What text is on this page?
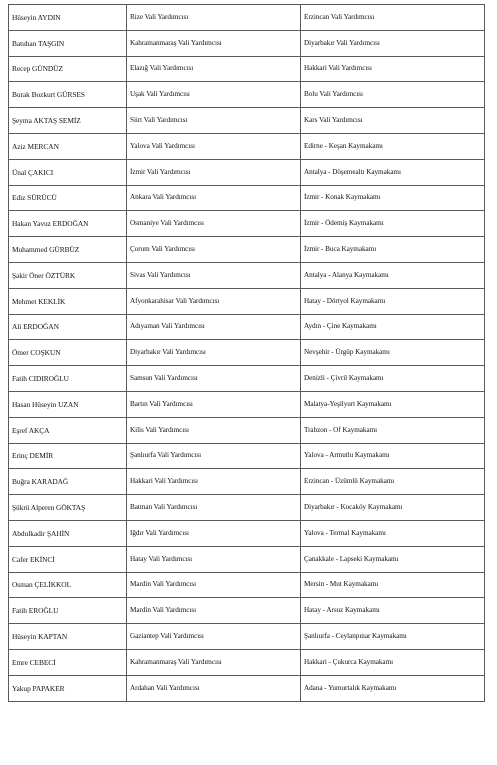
Hüseyin AYDIN	Rize Vali Yardımcısı	Erzincan Vali Yardımcısı
Batuhan TAŞGIN	Kahramanmaraş Vali Yardımcısı	Diyarbakır Vali Yardımcısı
Recep GÜNDÜZ	Elazığ Vali Yardımcısı	Hakkari Vali Yardımcısı
Burak Bozkurt GÜRSES	Uşak Vali Yardımcısı	Bolu Vali Yardımcısı
Şeyma AKTAŞ SEMİZ	Siirt Vali Yardımcısı	Kars Vali Yardımcısı
Aziz MERCAN	Yalova Vali Yardımcısı	Edirne - Keşan Kaymakamı
Ünal ÇAKICI	İzmir Vali Yardımcısı	Antalya - Döşemealtı Kaymakamı
Ediz SÜRÜCÜ	Ankara Vali Yardımcısı	İzmir - Konak Kaymakamı
Hakan Yavuz ERDOĞAN	Osmaniye Vali Yardımcısı	İzmir - Ödemiş Kaymakamı
Muhammed GÜRBÜZ	Çorum Vali Yardımcısı	İzmir - Buca Kaymakamı
Şakir Öner ÖZTÜRK	Sivas Vali Yardımcısı	Antalya - Alanya Kaymakamı
Mehmet KEKLİK	Afyonkarahisar Vali Yardımcısı	Hatay - Dörtyol Kaymakamı
Ali ERDOĞAN	Adıyaman Vali Yardımcısı	Aydın - Çine Kaymakamı
Ömer COŞKUN	Diyarbakır Vali Yardımcısı	Nevşehir - Ürgüp Kaymakamı
Fatih CIDIROĞLU	Samsun Vali Yardımcısı	Denizli - Çivril Kaymakamı
Hasan Hüseyin UZAN	Bartın Vali Yardımcısı	Malatya-Yeşilyurt Kaymakamı
Eşref AKÇA	Kilis Vali Yardımcısı	Trabzon - Of Kaymakamı
Erinç DEMİR	Şanlıurfa Vali Yardımcısı	Yalova - Armutlu Kaymakamı
Buğra KARADAĞ	Hakkari Vali Yardımcısı	Erzincan - Üzümlü Kaymakamı
Şükrü Alperen GÖKTAŞ	Batman Vali Yardımcısı	Diyarbakır - Kocaköy Kaymakamı
Abdulkadir ŞAHİN	Iğdır Vali Yardımcısı	Yalova - Termal Kaymakamı
Cafer EKİNCİ	Hatay Vali Yardımcısı	Çanakkale - Lapseki Kaymakamı
Osman ÇELİKKOL	Mardin Vali Yardımcısı	Mersin - Mut Kaymakamı
Fatih EROĞLU	Mardin Vali Yardımcısı	Hatay - Arsuz Kaymakamı
Hüseyin KAPTAN	Gaziantep Vali Yardımcısı	Şanlıurfa - Ceylanpınar Kaymakamı
Emre CEBECİ	Kahramanmaraş Vali Yardımcısı	Hakkari - Çukurca Kaymakamı
Yakup PAPAKER	Ardahan Vali Yardımcısı	Adana - Yumurtalık Kaymakamı
